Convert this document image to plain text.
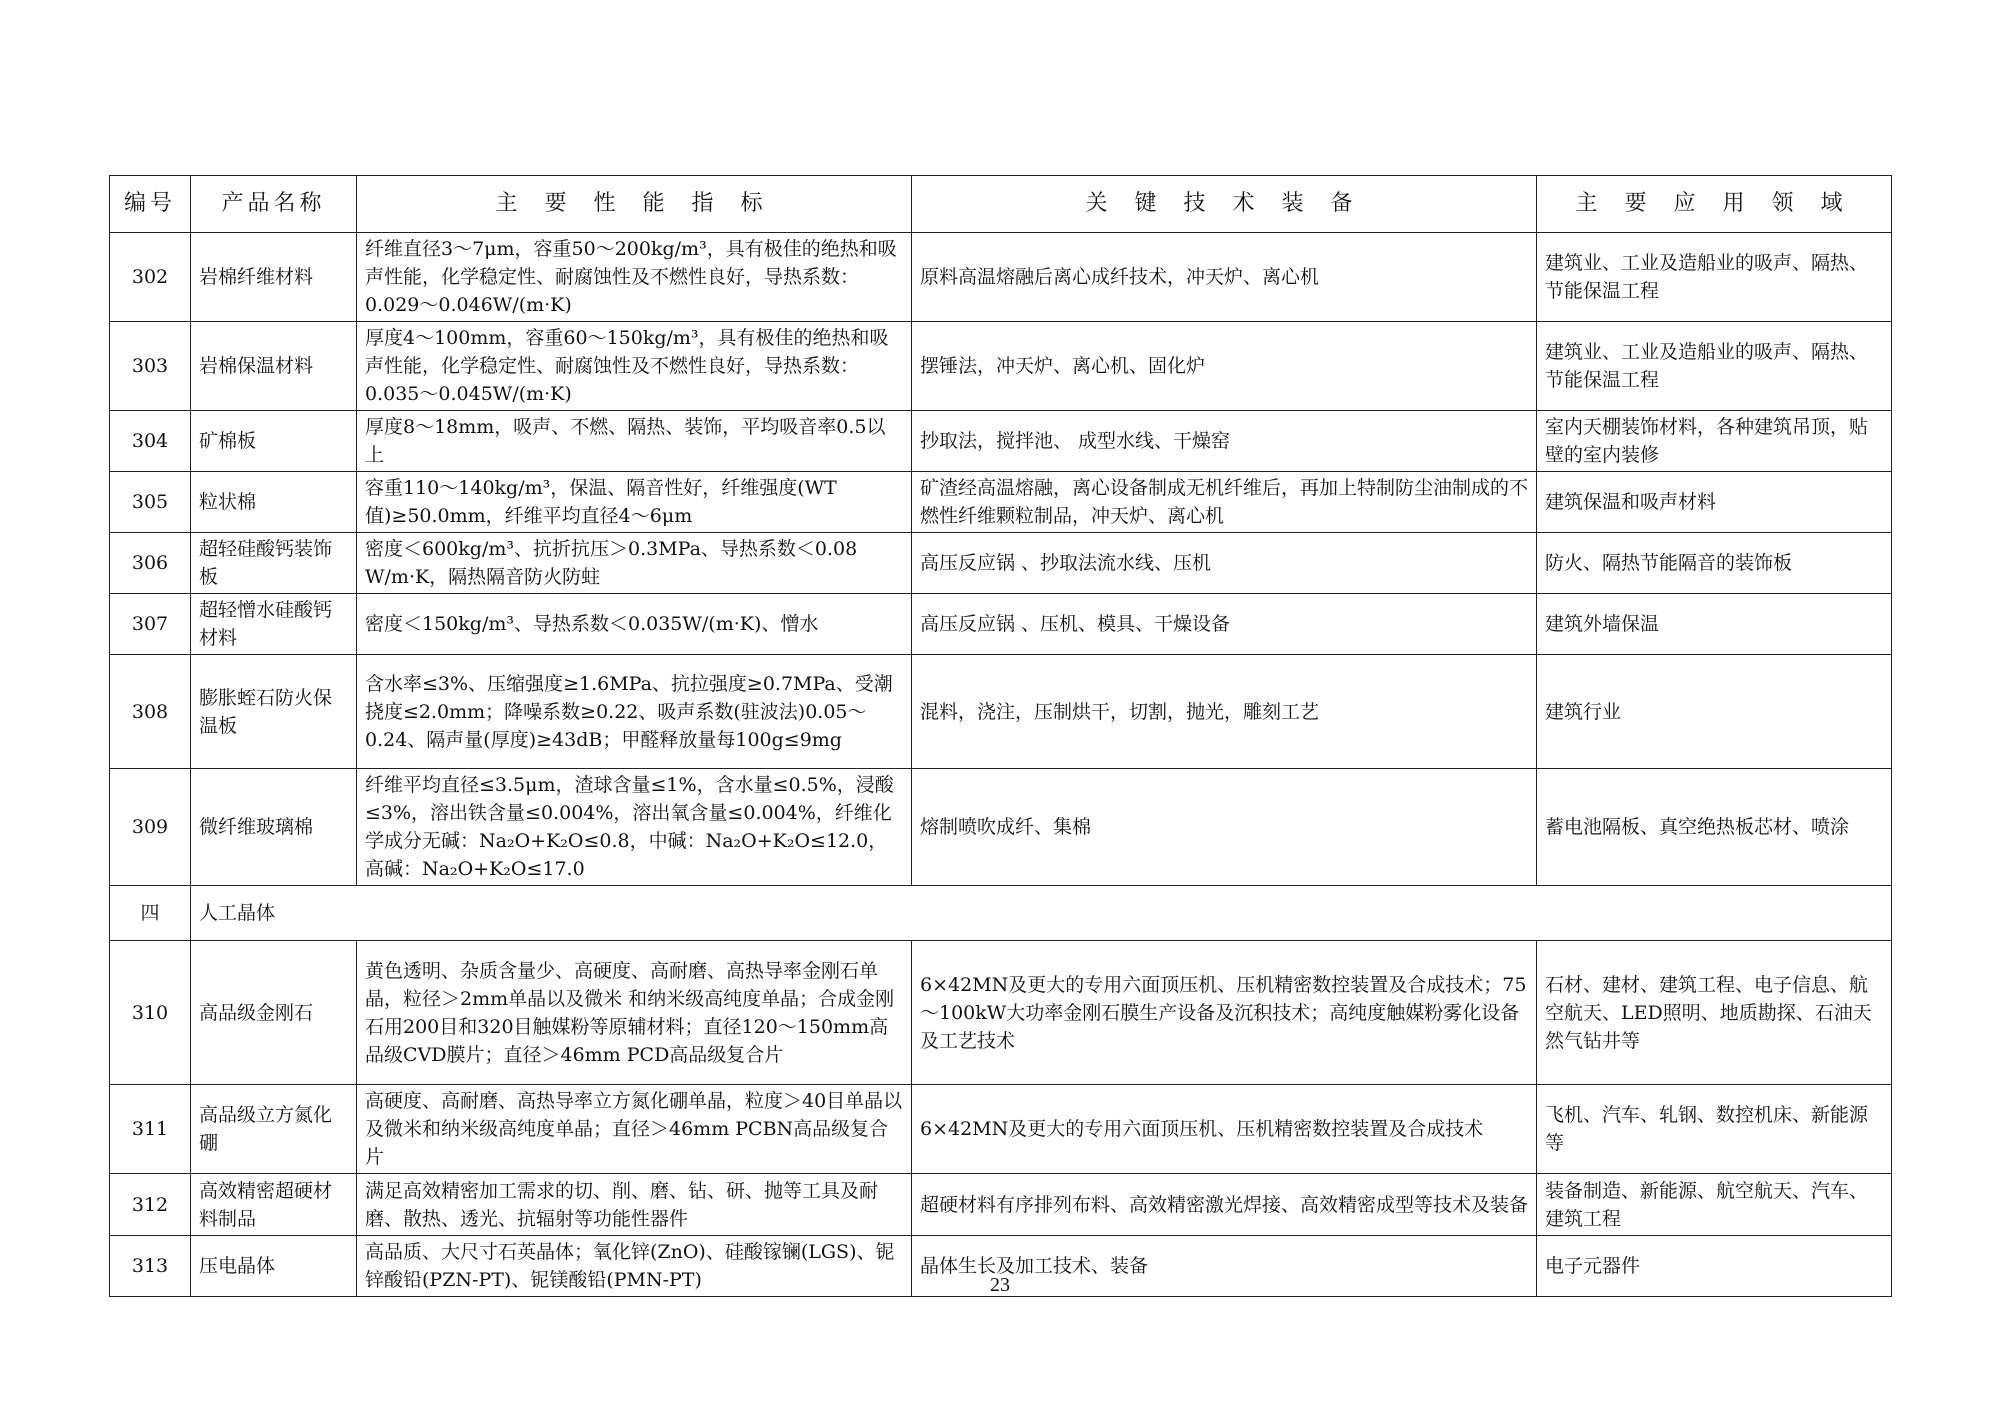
编号	产品名称	主 要 性 能 指 标	关 键 技 术 装 备	主 要 应 用 领 域
302	岩棉纤维材料	纤维直径3～7μm，容重50～200kg/m³，具有极佳的绝热和吸声性能，化学稳定性、耐腐蚀性及不燃性良好，导热系数：0.029～0.046W/(m·K)	原料高温熔融后离心成纤技术，冲天炉、离心机	建筑业、工业及造船业的吸声、隔热、节能保温工程
303	岩棉保温材料	厚度4～100mm，容重60～150kg/m³，具有极佳的绝热和吸声性能，化学稳定性、耐腐蚀性及不燃性良好，导热系数：0.035～0.045W/(m·K)	摆锤法，冲天炉、离心机、固化炉	建筑业、工业及造船业的吸声、隔热、节能保温工程
304	矿棉板	厚度8～18mm，吸声、不燃、隔热、装饰，平均吸音率0.5以上	抄取法，搅拌池、 成型水线、干燥窑	室内天棚装饰材料，各种建筑吊顶，贴壁的室内装修
305	粒状棉	容重110～140kg/m³，保温、隔音性好，纤维强度(WT值)≥50.0mm，纤维平均直径4～6μm	矿渣经高温熔融，离心设备制成无机纤维后，再加上特制防尘油制成的不燃性纤维颗粒制品，冲天炉、离心机	建筑保温和吸声材料
306	超轻硅酸钙装饰板	密度＜600kg/m³、抗折抗压＞0.3MPa、导热系数＜0.08 W/m·K，隔热隔音防火防蛀	高压反应锅 、抄取法流水线、压机	防火、隔热节能隔音的装饰板
307	超轻憎水硅酸钙材料	密度＜150kg/m³、导热系数＜0.035W/(m·K)、憎水	高压反应锅 、压机、模具、干燥设备	建筑外墙保温
308	膨胀蛭石防火保温板	含水率≤3%、压缩强度≥1.6MPa、抗拉强度≥0.7MPa、受潮挠度≤2.0mm；降噪系数≥0.22、吸声系数(驻波法)0.05～0.24、隔声量(厚度)≥43dB；甲醛释放量每100g≤9mg	混料，浇注，压制烘干，切割，抛光，雕刻工艺	建筑行业
309	微纤维玻璃棉	纤维平均直径≤3.5μm，渣球含量≤1%，含水量≤0.5%，浸酸≤3%，溶出铁含量≤0.004%，溶出氧含量≤0.004%，纤维化学成分无碱：Na₂O+K₂O≤0.8，中碱：Na₂O+K₂O≤12.0，高碱：Na₂O+K₂O≤17.0	熔制喷吹成纤、集棉	蓄电池隔板、真空绝热板芯材、喷涂
四	人工晶体			
310	高品级金刚石	黄色透明、杂质含量少、高硬度、高耐磨、高热导率金刚石单晶，粒径＞2mm单晶以及微米 和纳米级高纯度单晶；合成金刚石用200目和320目触媒粉等原辅材料；直径120～150mm高品级CVD膜片；直径＞46mm PCD高品级复合片	6×42MN及更大的专用六面顶压机、压机精密数控装置及合成技术；75～100kW大功率金刚石膜生产设备及沉积技术；高纯度触媒粉雾化设备及工艺技术	石材、建材、建筑工程、电子信息、航空航天、LED照明、地质勘探、石油天然气钻井等
311	高品级立方氮化硼	高硬度、高耐磨、高热导率立方氮化硼单晶，粒度＞40目单晶以及微米和纳米级高纯度单晶；直径＞46mm PCBN高品级复合片	6×42MN及更大的专用六面顶压机、压机精密数控装置及合成技术	飞机、汽车、轧钢、数控机床、新能源等
312	高效精密超硬材料制品	满足高效精密加工需求的切、削、磨、钻、研、抛等工具及耐磨、散热、透光、抗辐射等功能性器件	超硬材料有序排列布料、高效精密激光焊接、高效精密成型等技术及装备	装备制造、新能源、航空航天、汽车、建筑工程
313	压电晶体	高品质、大尺寸石英晶体；氧化锌(ZnO)、硅酸镓镧(LGS)、铌锌酸铅(PZN-PT)、铌镁酸铅(PMN-PT)	晶体生长及加工技术、装备	电子元器件
23
